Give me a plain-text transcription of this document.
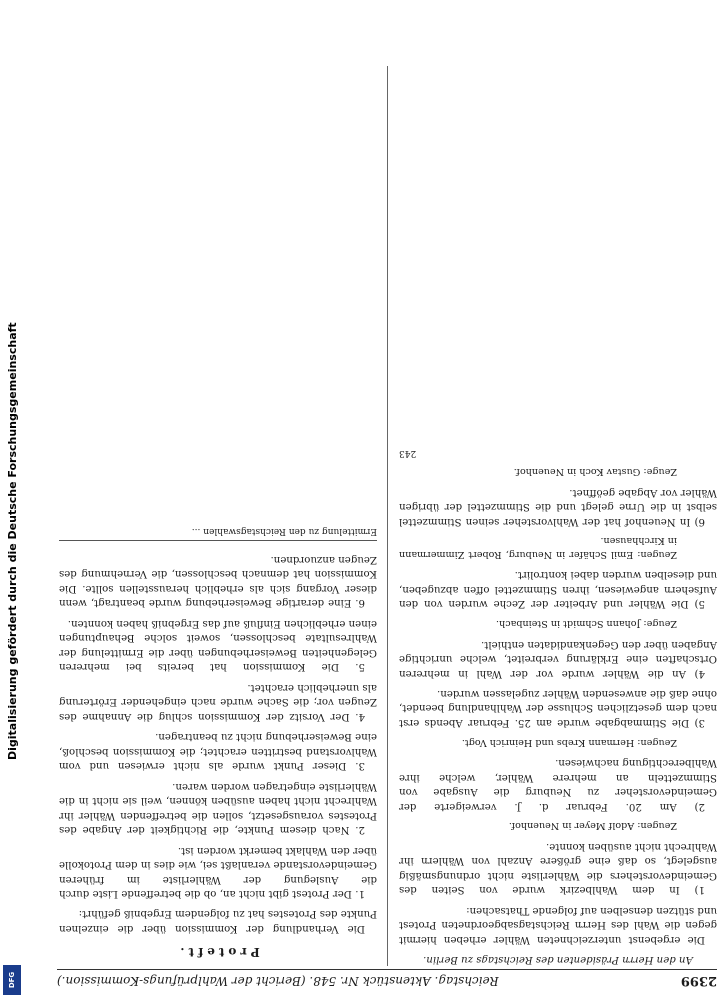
Digitalisierung gefördert durch die Deutsche Forschungsgemeinschaft
DFG	2399
Reichstag. Aktenstück Nr. 548. (Bericht der Wahlprüfungs-Kommission.)

An den Herrn Präsidenten des Reichstags zu Berlin.

Die ergebenst unterzeichneten Wähler erheben hiermit gegen die Wahl des Herrn Reichstagsabgeordneten Protest und stützen denselben auf folgende Thatsachen:

1) In dem Wahlbezirk wurde von Seiten des Gemeindevorstehers die Wählerliste nicht ordnungsmäßig ausgelegt, so daß eine größere Anzahl von Wählern ihr Wahlrecht nicht ausüben konnte.

Zeugen: Adolf Meyer in Neuenhof.

2) Am 20. Februar d. J. verweigerte der Gemeindevorsteher zu Neuburg die Ausgabe von Stimmzetteln an mehrere Wähler, welche ihre Wahlberechtigung nachwiesen.

Zeugen: Hermann Krebs und Heinrich Vogt.

3) Die Stimmabgabe wurde am 25. Februar Abends erst nach dem gesetzlichen Schlusse der Wahlhandlung beendet, ohne daß die anwesenden Wähler zugelassen wurden.

4) An die Wähler wurde vor der Wahl in mehreren Ortschaften eine Erklärung verbreitet, welche unrichtige Angaben über den Gegenkandidaten enthielt.

Zeuge: Johann Schmidt in Steinbach.

5) Die Wähler und Arbeiter der Zeche wurden von den Aufsehern angewiesen, ihren Stimmzettel offen abzugeben, und dieselben wurden dabei kontrolirt.

Zeugen: Emil Schäfer in Neuburg, Robert Zimmermann in Kirchhausen.

6) In Neuenhof hat der Wahlvorsteher seinen Stimmzettel selbst in die Urne gelegt und die Stimmzettel der übrigen Wähler vor Abgabe geöffnet.

Zeuge: Gustav Koch in Neuenhof.

243

Proteft.

Die Verhandlung der Kommission über die einzelnen Punkte des Protestes hat zu folgendem Ergebniß geführt:

1. Der Protest gibt nicht an, ob die betreffende Liste durch die Auslegung der Wählerliste im früheren Gemeindevorstande veranlaßt sei, wie dies in dem Protokolle über den Wahlakt bemerkt worden ist.

2. Nach diesem Punkte, die Richtigkeit der Angabe des Protestes vorausgesetzt, sollen die betreffenden Wähler ihr Wahlrecht nicht haben ausüben können, weil sie nicht in die Wählerliste eingetragen worden waren.

3. Dieser Punkt wurde als nicht erwiesen und vom Wahlvorstand bestritten erachtet; die Kommission beschloß, eine Beweiserhebung nicht zu beantragen.

4. Der Vorsitz der Kommission schlug die Annahme des Zeugen vor; die Sache wurde nach eingehender Erörterung als unerheblich erachtet.

5. Die Kommission hat bereits bei mehreren Gelegenheiten Beweiserhebungen über die Ermittelung der Wahlresultate beschlossen, soweit solche Behauptungen einen erheblichen Einfluß auf das Ergebniß haben konnten.

6. Eine derartige Beweiserhebung wurde beantragt, wenn dieser Vorgang sich als erheblich herausstellen sollte. Die Kommission hat demnach beschlossen, die Vernehmung des Zeugen anzuordnen.

Ermittelung zu den Reichstagswahlen ...
